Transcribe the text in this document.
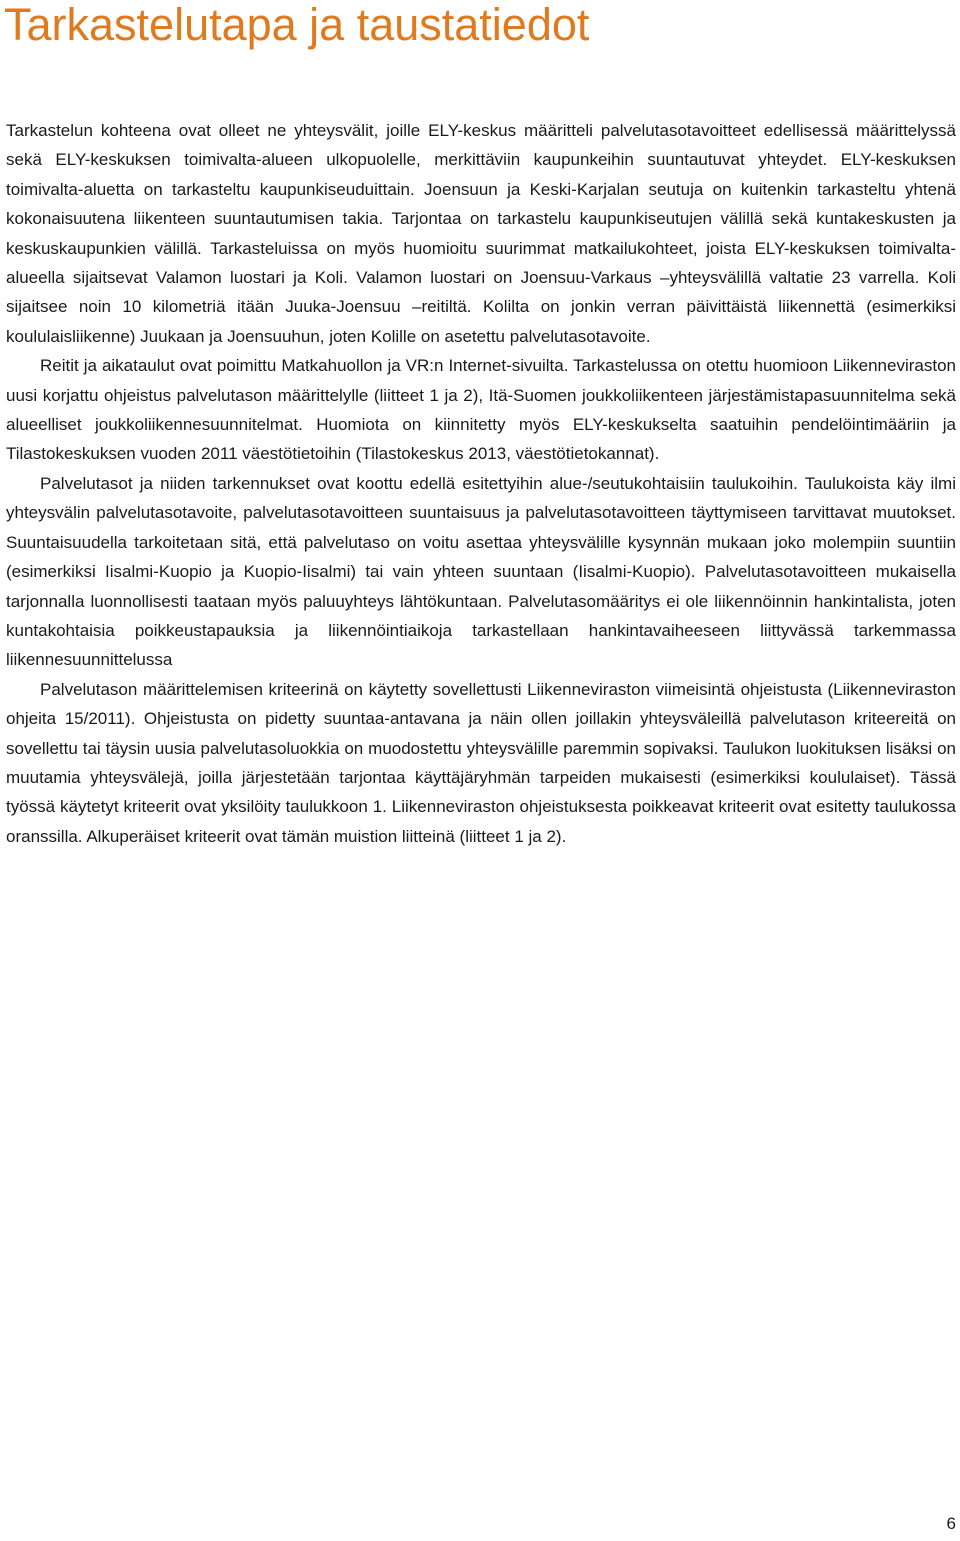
Tarkastelutapa ja taustatiedot

Tarkastelun kohteena ovat olleet ne yhteysvälit, joille ELY-keskus määritteli palvelutasotavoitteet edellisessä määrittelyssä sekä ELY-keskuksen toimivalta-alueen ulkopuolelle, merkittäviin kaupunkeihin suuntautuvat yhteydet. ELY-keskuksen toimivalta-aluetta on tarkasteltu kaupunkiseuduittain. Joensuun ja Keski-Karjalan seutuja on kuitenkin tarkasteltu yhtenä kokonaisuutena liikenteen suuntautumisen takia. Tarjontaa on tarkastelu kaupunkiseutujen välillä sekä kuntakeskusten ja keskuskaupunkien välillä. Tarkasteluissa on myös huomioitu suurimmat matkailukohteet, joista ELY-keskuksen toimivalta-alueella sijaitsevat Valamon luostari ja Koli. Valamon luostari on Joensuu-Varkaus –yhteysvälillä valtatie 23 varrella. Koli sijaitsee noin 10 kilometriä itään Juuka-Joensuu –reitiltä. Kolilta on jonkin verran päivittäistä liikennettä (esimerkiksi koululaisliikenne) Juukaan ja Joensuuhun, joten Kolille on asetettu palvelutasotavoite.

Reitit ja aikataulut ovat poimittu Matkahuollon ja VR:n Internet-sivuilta. Tarkastelussa on otettu huomioon Liikenneviraston uusi korjattu ohjeistus palvelutason määrittelylle (liitteet 1 ja 2), Itä-Suomen joukkoliikenteen järjestämistapasuunnitelma sekä alueelliset joukkoliikennesuunnitelmat. Huomiota on kiinnitetty myös ELY-keskukselta saatuihin pendelöintimääriin ja Tilastokeskuksen vuoden 2011 väestötietoihin (Tilastokeskus 2013, väestötietokannat).

Palvelutasot ja niiden tarkennukset ovat koottu edellä esitettyihin alue-/seutukohtaisiin taulukoihin. Taulukoista käy ilmi yhteysvälin palvelutasotavoite, palvelutasotavoitteen suuntaisuus ja palvelutasotavoitteen täyttymiseen tarvittavat muutokset. Suuntaisuudella tarkoitetaan sitä, että palvelutaso on voitu asettaa yhteysvälille kysynnän mukaan joko molempiin suuntiin (esimerkiksi Iisalmi-Kuopio ja Kuopio-Iisalmi) tai vain yhteen suuntaan (Iisalmi-Kuopio). Palvelutasotavoitteen mukaisella tarjonnalla luonnollisesti taataan myös paluuyhteys lähtökuntaan. Palvelutasomääritys ei ole liikennöinnin hankintalista, joten kuntakohtaisia poikkeustapauksia ja liikennöintiaikoja tarkastellaan hankintavaiheeseen liittyvässä tarkemmassa liikennesuunnittelussa

Palvelutason määrittelemisen kriteerinä on käytetty sovellettusti Liikenneviraston viimeisintä ohjeistusta (Liikenneviraston ohjeita 15/2011). Ohjeistusta on pidetty suuntaa-antavana ja näin ollen joillakin yhteysväleillä palvelutason kriteereitä on sovellettu tai täysin uusia palvelutasoluokkia on muodostettu yhteysvälille paremmin sopivaksi. Taulukon luokituksen lisäksi on muutamia yhteysvälejä, joilla järjestetään tarjontaa käyttäjäryhmän tarpeiden mukaisesti (esimerkiksi koululaiset). Tässä työssä käytetyt kriteerit ovat yksilöity taulukkoon 1. Liikenneviraston ohjeistuksesta poikkeavat kriteerit ovat esitetty taulukossa oranssilla. Alkuperäiset kriteerit ovat tämän muistion liitteinä (liitteet 1 ja 2).

6
